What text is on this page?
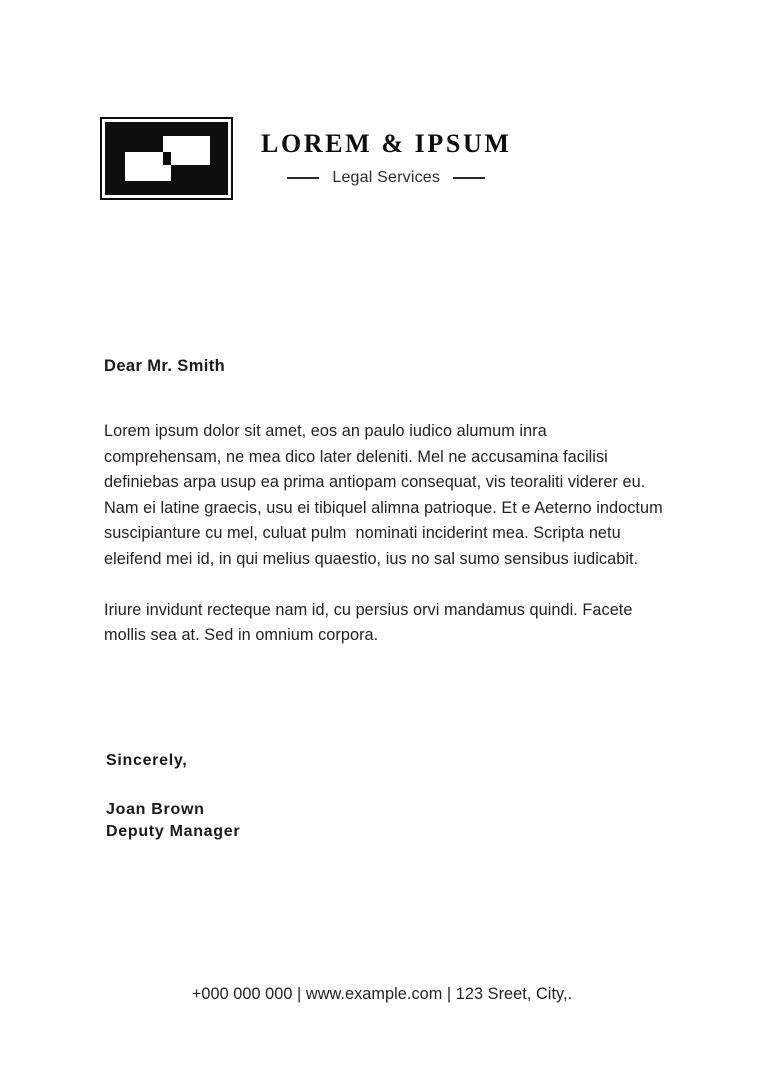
LOREM & IPSUM
Legal Services
Dear Mr. Smith

Lorem ipsum dolor sit amet, eos an paulo iudico alumum inra comprehensam, ne mea dico later deleniti. Mel ne accusamina facilisi definiebas arpa usup ea prima antiopam consequat, vis teoraliti viderer eu. Nam ei latine graecis, usu ei tibiquel alimna patrioque. Et e Aeterno indoctum suscipianture cu mel, culuat pulm  nominati inciderint mea. Scripta netu eleifend mei id, in qui melius quaestio, ius no sal sumo sensibus iudicabit.

Iriure invidunt recteque nam id, cu persius orvi mandamus quindi. Facete mollis sea at. Sed in omnium corpora.

Sincerely,

Joan Brown
Deputy Manager

+000 000 000 | www.example.com | 123 Sreet, City,.
